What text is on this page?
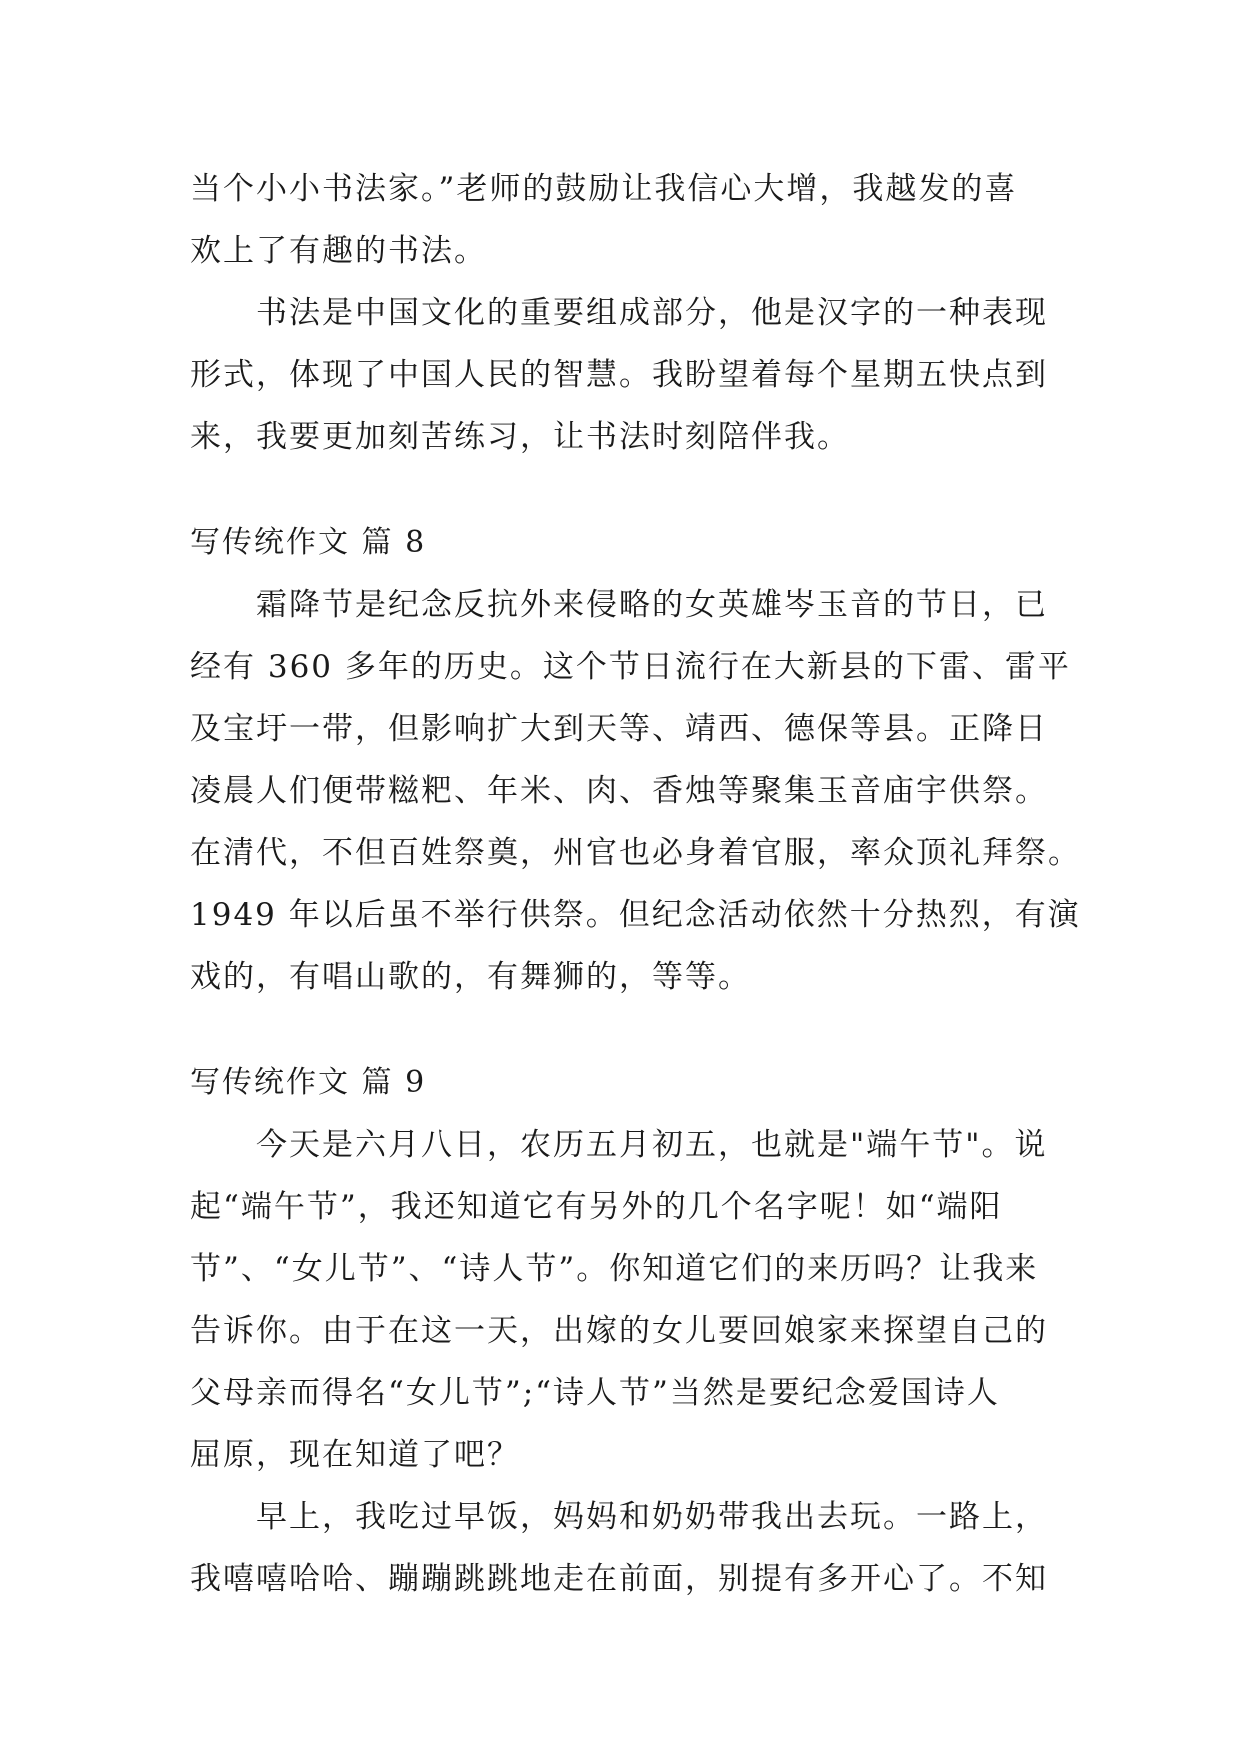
当个小小书法家。”老师的鼓励让我信心大增，我越发的喜
欢上了有趣的书法。
书法是中国文化的重要组成部分，他是汉字的一种表现
形式，体现了中国人民的智慧。我盼望着每个星期五快点到
来，我要更加刻苦练习，让书法时刻陪伴我。
写传统作文 篇 8
霜降节是纪念反抗外来侵略的女英雄岑玉音的节日，已
经有 360 多年的历史。这个节日流行在大新县的下雷、雷平
及宝圩一带，但影响扩大到天等、靖西、德保等县。正降日
凌晨人们便带糍粑、年米、肉、香烛等聚集玉音庙宇供祭。
在清代，不但百姓祭奠，州官也必身着官服，率众顶礼拜祭。
1949 年以后虽不举行供祭。但纪念活动依然十分热烈，有演
戏的，有唱山歌的，有舞狮的，等等。
写传统作文 篇 9
今天是六月八日，农历五月初五，也就是"端午节"。说
起“端午节”，我还知道它有另外的几个名字呢！如“端阳
节”、“女儿节”、“诗人节”。你知道它们的来历吗？让我来
告诉你。由于在这一天，出嫁的女儿要回娘家来探望自己的
父母亲而得名“女儿节”;“诗人节”当然是要纪念爱国诗人
屈原，现在知道了吧？
早上，我吃过早饭，妈妈和奶奶带我出去玩。一路上，
我嘻嘻哈哈、蹦蹦跳跳地走在前面，别提有多开心了。不知
